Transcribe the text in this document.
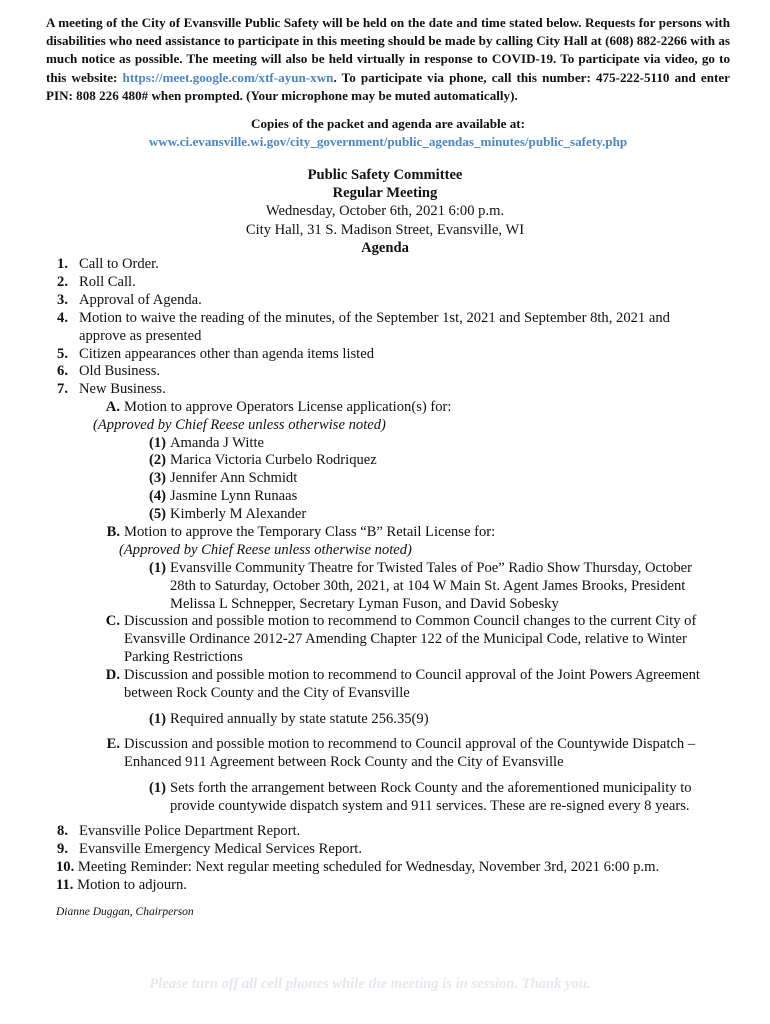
A meeting of the City of Evansville Public Safety will be held on the date and time stated below. Requests for persons with disabilities who need assistance to participate in this meeting should be made by calling City Hall at (608) 882-2266 with as much notice as possible. The meeting will also be held virtually in response to COVID-19. To participate via video, go to this website: https://meet.google.com/xtf-ayun-xwn. To participate via phone, call this number: 475-222-5110 and enter PIN: 808 226 480# when prompted. (Your microphone may be muted automatically).
Copies of the packet and agenda are available at:
www.ci.evansville.wi.gov/city_government/public_agendas_minutes/public_safety.php
Public Safety Committee
Regular Meeting
Wednesday, October 6th, 2021 6:00 p.m.
City Hall, 31 S. Madison Street, Evansville, WI
Agenda
1. Call to Order.
2. Roll Call.
3. Approval of Agenda.
4. Motion to waive the reading of the minutes, of the September 1st, 2021 and September 8th, 2021 and
approve as presented
5. Citizen appearances other than agenda items listed
6. Old Business.
7. New Business.
A. Motion to approve Operators License application(s) for:
(Approved by Chief Reese unless otherwise noted)
(1) Amanda J Witte
(2) Marica Victoria Curbelo Rodriquez
(3) Jennifer Ann Schmidt
(4) Jasmine Lynn Runaas
(5) Kimberly M Alexander
B. Motion to approve the Temporary Class “B” Retail License for:
(Approved by Chief Reese unless otherwise noted)
(1) Evansville Community Theatre for Twisted Tales of Poe” Radio Show Thursday, October
28th to Saturday, October 30th, 2021, at 104 W Main St. Agent James Brooks, President
Melissa L Schnepper, Secretary Lyman Fuson, and David Sobesky
C. Discussion and possible motion to recommend to Common Council changes to the current City of
Evansville Ordinance 2012-27 Amending Chapter 122 of the Municipal Code, relative to Winter
Parking Restrictions
D. Discussion and possible motion to recommend to Council approval of the Joint Powers Agreement
between Rock County and the City of Evansville
(1) Required annually by state statute 256.35(9)
E. Discussion and possible motion to recommend to Council approval of the Countywide Dispatch –
Enhanced 911 Agreement between Rock County and the City of Evansville
(1) Sets forth the arrangement between Rock County and the aforementioned municipality to
provide countywide dispatch system and 911 services. These are re-signed every 8 years.
8. Evansville Police Department Report.
9. Evansville Emergency Medical Services Report.
10. Meeting Reminder: Next regular meeting scheduled for Wednesday, November 3rd, 2021 6:00 p.m.
11. Motion to adjourn.
Dianne Duggan, Chairperson
Please turn off all cell phones while the meeting is in session. Thank you.
